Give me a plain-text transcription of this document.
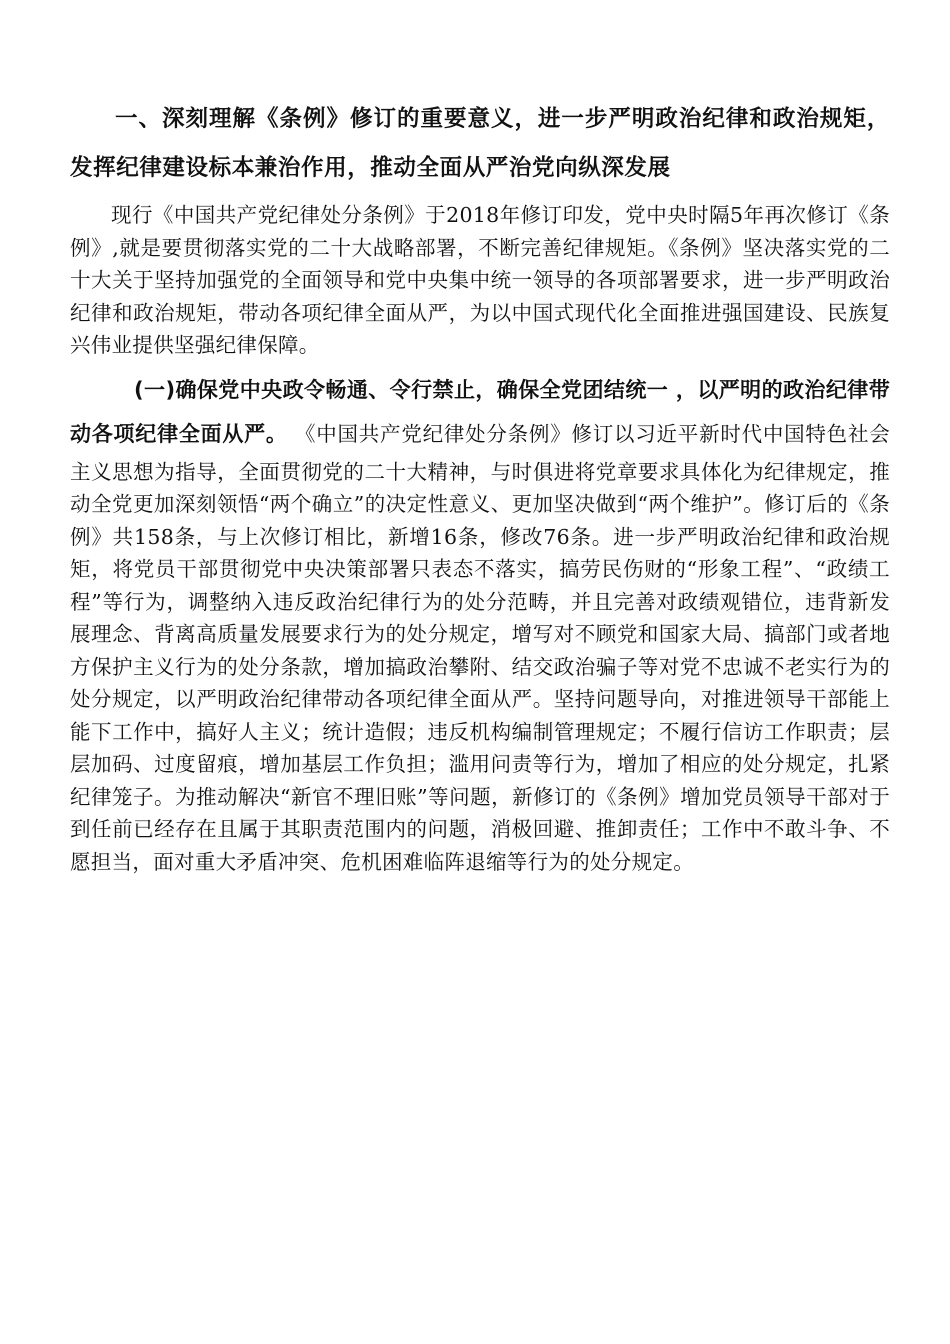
一、深刻理解《条例》修订的重要意义，进一步严明政治纪律和政治规矩，发挥纪律建设标本兼治作用，推动全面从严治党向纵深发展

现行《中国共产党纪律处分条例》于2018年修订印发，党中央时隔5年再次修订《条例》,就是要贯彻落实党的二十大战略部署，不断完善纪律规矩。《条例》坚决落实党的二十大关于坚持加强党的全面领导和党中央集中统一领导的各项部署要求，进一步严明政治纪律和政治规矩，带动各项纪律全面从严，为以中国式现代化全面推进强国建设、民族复兴伟业提供坚强纪律保障。

(一)确保党中央政令畅通、令行禁止，确保全党团结统一 ，以严明的政治纪律带动各项纪律全面从严。 《中国共产党纪律处分条例》修订以习近平新时代中国特色社会主义思想为指导，全面贯彻党的二十大精神，与时俱进将党章要求具体化为纪律规定，推动全党更加深刻领悟“两个确立”的决定性意义、更加坚决做到“两个维护”。修订后的《条例》共158条，与上次修订相比，新增16条，修改76条。进一步严明政治纪律和政治规矩，将党员干部贯彻党中央决策部署只表态不落实，搞劳民伤财的“形象工程”、“政绩工程”等行为，调整纳入违反政治纪律行为的处分范畴，并且完善对政绩观错位，违背新发展理念、背离高质量发展要求行为的处分规定，增写对不顾党和国家大局、搞部门或者地方保护主义行为的处分条款，增加搞政治攀附、结交政治骗子等对党不忠诚不老实行为的处分规定，以严明政治纪律带动各项纪律全面从严。坚持问题导向，对推进领导干部能上能下工作中，搞好人主义；统计造假；违反机构编制管理规定；不履行信访工作职责；层层加码、过度留痕，增加基层工作负担；滥用问责等行为，增加了相应的处分规定，扎紧纪律笼子。为推动解决“新官不理旧账”等问题，新修订的《条例》增加党员领导干部对于到任前已经存在且属于其职责范围内的问题，消极回避、推卸责任；工作中不敢斗争、不愿担当，面对重大矛盾冲突、危机困难临阵退缩等行为的处分规定。
